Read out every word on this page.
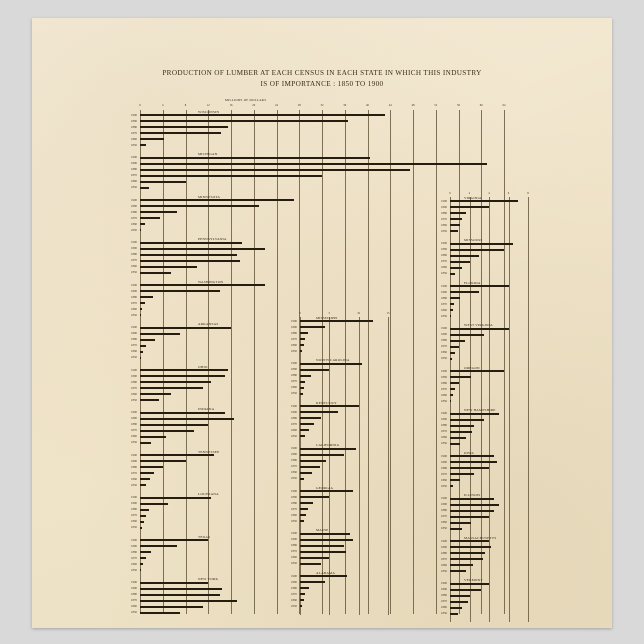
PRODUCTION OF LUMBER AT EACH CENSUS IN EACH STATE IN WHICH THIS INDUSTRY
IS OF IMPORTANCE : 1850 TO 1900
MILLIONS OF DOLLARS
0	4	8	12	16	20	24	28	32	36	40	44	48	52	56	60	64
WISCONSIN
1900
1890
1880
1870
1860
1850
MICHIGAN
1900
1890
1880
1870
1860
1850
MINNESOTA
1900
1890
1880
1870
1860
1850
PENNSYLVANIA
1900
1890
1880
1870
1860
1850
WASHINGTON
1900
1890
1880
1870
1860
1850
ARKANSAS
1900
1890
1880
1870
1860
1850
OHIO
1900
1890
1880
1870
1860
1850
INDIANA
1900
1890
1880
1870
1860
1850
TENNESSEE
1900
1890
1880
1870
1860
1850
LOUISIANA
1900
1890
1880
1870
1860
1850
TEXAS
1900
1890
1880
1870
1860
1850
NEW YORK
1900
1890
1880
1870
1860
1850
0	5	10	15
MISSISSIPPI
1900
1890
1880
1870
1860
1850
NORTH CAROLINA
1900
1890
1880
1870
1860
1850
KENTUCKY
1900
1890
1880
1870
1860
1850
CALIFORNIA
1900
1890
1880
1870
1860
1850
GEORGIA
1900
1890
1880
1870
1860
1850
MAINE
1900
1890
1880
1870
1860
1850
ALABAMA
1900
1890
1880
1870
1860
1850
0	2	4	6	8
VIRGINIA
1900
1890
1880
1870
1860
1850
MISSOURI
1900
1890
1880
1870
1860
1850
FLORIDA
1900
1890
1880
1870
1860
1850
WEST VIRGINIA
1900
1890
1880
1870
1860
1850
OREGON
1900
1890
1880
1870
1860
1850
NEW HAMPSHIRE
1900
1890
1880
1870
1860
1850
IOWA
1900
1890
1880
1870
1860
1850
ILLINOIS
1900
1890
1880
1870
1860
1850
MASSACHUSETTS
1900
1890
1880
1870
1860
1850
VERMONT
1900
1890
1880
1870
1860
1850
